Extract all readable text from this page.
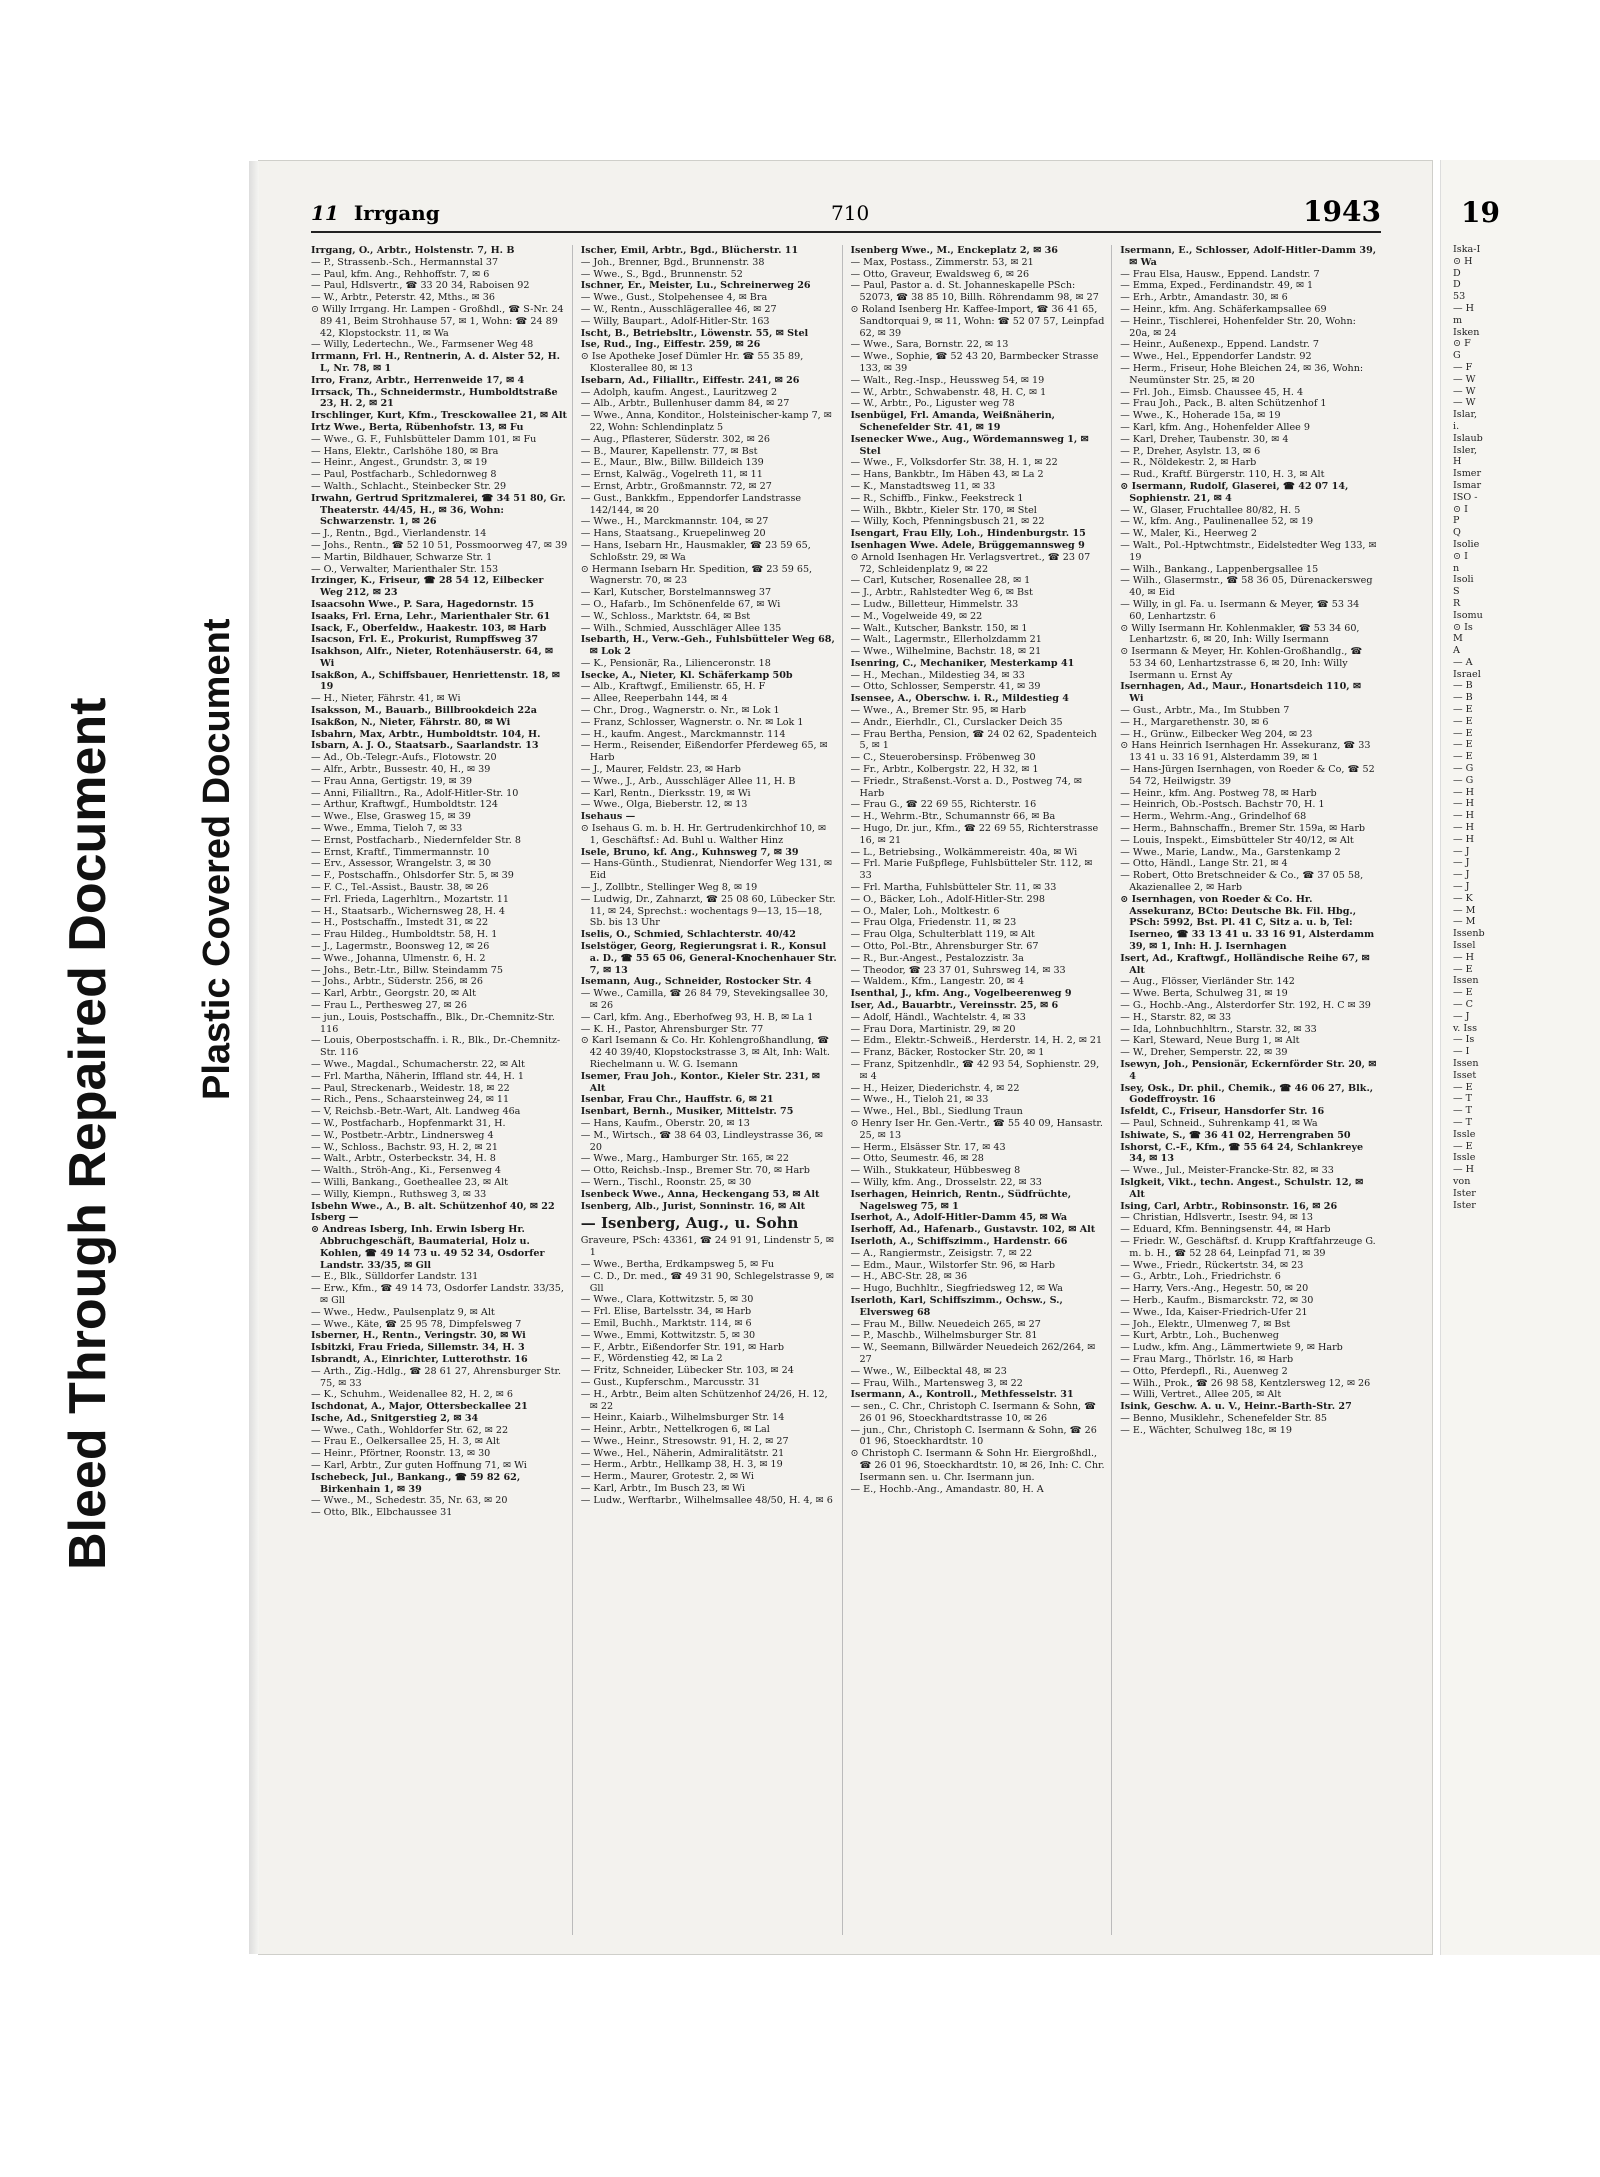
Bleed Through Repaired Document Plastic Covered Document
11 Irrgang	710	1943
Irrgang, O., Arbtr., Holstenstr. 7, H. B
— P., Strassenb.-Sch., Hermannstal 37
— Paul, kfm. Ang., Rehhoffstr. 7, ✉ 6
— Paul, Hdlsvertr., ☎ 33 20 34, Raboisen 92
— W., Arbtr., Peterstr. 42, Mths., ✉ 36
⊙ Willy Irrgang. Hr. Lampen - Großhdl., ☎ S-Nr. 24 89 41, Beim Strohhause 57, ✉ 1, Wohn: ☎ 24 89 42, Klopstockstr. 11, ✉ Wa
— Willy, Ledertechn., We., Farmsener Weg 48
Irrmann, Frl. H., Rentnerin, A. d. Alster 52, H. L, Nr. 78, ✉ 1
Irro, Franz, Arbtr., Herrenweide 17, ✉ 4
Irrsack, Th., Schneidermstr., Humboldtstraße 23, H. 2, ✉ 21
Irschlinger, Kurt, Kfm., Tresckowallee 21, ✉ Alt
Irtz Wwe., Berta, Rübenhofstr. 13, ✉ Fu
— Wwe., G. F., Fuhlsbütteler Damm 101, ✉ Fu
— Hans, Elektr., Carlshöhe 180, ✉ Bra
— Heinr., Angest., Grundstr. 3, ✉ 19
— Paul, Postfacharb., Schledornweg 8
— Walth., Schlacht., Steinbecker Str. 29
Irwahn, Gertrud Spritzmalerei, ☎ 34 51 80, Gr. Theaterstr. 44/45, H., ✉ 36, Wohn: Schwarzenstr. 1, ✉ 26
— J., Rentn., Bgd., Vierlandenstr. 14
— Johs., Rentn., ☎ 52 10 51, Possmoorweg 47, ✉ 39
— Martin, Bildhauer, Schwarze Str. 1
— O., Verwalter, Marienthaler Str. 153
Irzinger, K., Friseur, ☎ 28 54 12, Eilbecker Weg 212, ✉ 23
Isaacsohn Wwe., P. Sara, Hagedornstr. 15
Isaaks, Frl. Erna, Lehr., Marienthaler Str. 61
Isack, F., Oberfeldw., Haakestr. 103, ✉ Harb
Isacson, Frl. E., Prokurist, Rumpffsweg 37
Isakhson, Alfr., Nieter, Rotenhäuserstr. 64, ✉ Wi
Isakßon, A., Schiffsbauer, Henriettenstr. 18, ✉ 19
— H., Nieter, Fährstr. 41, ✉ Wi
Isaksson, M., Bauarb., Billbrookdeich 22a
Isakßon, N., Nieter, Fährstr. 80, ✉ Wi
Isbahrn, Max, Arbtr., Humboldtstr. 104, H.
Isbarn, A. J. O., Staatsarb., Saarlandstr. 13
— Ad., Ob.-Telegr.-Aufs., Flotowstr. 20
— Alfr., Arbtr., Bussestr. 40, H., ✉ 39
— Frau Anna, Gertigstr. 19, ✉ 39
— Anni, Filialltrn., Ra., Adolf-Hitler-Str. 10
— Arthur, Kraftwgf., Humboldtstr. 124
— Wwe., Else, Grasweg 15, ✉ 39
— Wwe., Emma, Tieloh 7, ✉ 33
— Ernst, Postfacharb., Niedernfelder Str. 8
— Ernst, Kraftf., Timmermannstr. 10
— Erv., Assessor, Wrangelstr. 3, ✉ 30
— F., Postschaffn., Ohlsdorfer Str. 5, ✉ 39
— F. C., Tel.-Assist., Baustr. 38, ✉ 26
— Frl. Frieda, Lagerhltrn., Mozartstr. 11
— H., Staatsarb., Wichernsweg 28, H. 4
— H., Postschaffn., Imstedt 31, ✉ 22
— Frau Hildeg., Humboldtstr. 58, H. 1
— J., Lagermstr., Boonsweg 12, ✉ 26
— Wwe., Johanna, Ulmenstr. 6, H. 2
— Johs., Betr.-Ltr., Billw. Steindamm 75
— Johs., Arbtr., Süderstr. 256, ✉ 26
— Karl, Arbtr., Georgstr. 20, ✉ Alt
— Frau L., Perthesweg 27, ✉ 26
— jun., Louis, Postschaffn., Blk., Dr.-Chemnitz-Str. 116
— Louis, Oberpostschaffn. i. R., Blk., Dr.-Chemnitz-Str. 116
— Wwe., Magdal., Schumacherstr. 22, ✉ Alt
— Frl. Martha, Näherin, Iffland str. 44, H. 1
— Paul, Streckenarb., Weidestr. 18, ✉ 22
— Rich., Pens., Schaarsteinweg 24, ✉ 11
— V, Reichsb.-Betr.-Wart, Alt. Landweg 46a
— W., Postfacharb., Hopfenmarkt 31, H.
— W., Postbetr.-Arbtr., Lindnersweg 4
— W., Schloss., Bachstr. 93, H. 2, ✉ 21
— Walt., Arbtr., Osterbeckstr. 34, H. 8
— Walth., Ströh-Ang., Ki., Fersenweg 4
— Willi, Bankang., Goetheallee 23, ✉ Alt
— Willy, Kiempn., Ruthsweg 3, ✉ 33
Isbehn Wwe., A., B. alt. Schützenhof 40, ✉ 22
Isberg —
⊙ Andreas Isberg, Inh. Erwin Isberg Hr. Abbruchgeschäft, Baumaterial, Holz u. Kohlen, ☎ 49 14 73 u. 49 52 34, Osdorfer Landstr. 33/35, ✉ Gll
— E., Blk., Sülldorfer Landstr. 131
— Erw., Kfm., ☎ 49 14 73, Osdorfer Landstr. 33/35, ✉ Gll
— Wwe., Hedw., Paulsenplatz 9, ✉ Alt
— Wwe., Käte, ☎ 25 95 78, Dimpfelsweg 7
Isberner, H., Rentn., Veringstr. 30, ✉ Wi
Isbitzki, Frau Frieda, Sillemstr. 34, H. 3
Isbrandt, A., Einrichter, Lutterothstr. 16
— Arth., Zig.-Hdlg., ☎ 28 61 27, Ahrensburger Str. 75, ✉ 33
— K., Schuhm., Weidenallee 82, H. 2, ✉ 6
Ischdonat, A., Major, Ottersbeckallee 21
Ische, Ad., Snitgerstieg 2, ✉ 34
— Wwe., Cath., Wohldorfer Str. 62, ✉ 22
— Frau E., Oelkersallee 25, H. 3, ✉ Alt
— Heinr., Pförtner, Roonstr. 13, ✉ 30
— Karl, Arbtr., Zur guten Hoffnung 71, ✉ Wi
Ischebeck, Jul., Bankang., ☎ 59 82 62, Birkenhain 1, ✉ 39
— Wwe., M., Schedestr. 35, Nr. 63, ✉ 20
— Otto, Blk., Elbchaussee 31
Ischer, Emil, Arbtr., Bgd., Blücherstr. 11
— Joh., Brenner, Bgd., Brunnenstr. 38
— Wwe., S., Bgd., Brunnenstr. 52
Ischner, Er., Meister, Lu., Schreinerweg 26
— Wwe., Gust., Stolpehensee 4, ✉ Bra
— W., Rentn., Ausschlägerallee 46, ✉ 27
— Willy, Baupart., Adolf-Hitler-Str. 163
Ischt, B., Betriebsltr., Löwenstr. 55, ✉ Stel
Ise, Rud., Ing., Eiffestr. 259, ✉ 26
⊙ Ise Apotheke Josef Dümler Hr. ☎ 55 35 89, Klosterallee 80, ✉ 13
Isebarn, Ad., Filialltr., Eiffestr. 241, ✉ 26
— Adolph, kaufm. Angest., Lauritzweg 2
— Alb., Arbtr., Bullenhuser damm 84, ✉ 27
— Wwe., Anna, Konditor., Holsteinischer-kamp 7, ✉ 22, Wohn: Schlendinplatz 5
— Aug., Pflasterer, Süderstr. 302, ✉ 26
— B., Maurer, Kapellenstr. 77, ✉ Bst
— E., Maur., Blw., Billw. Billdeich 139
— Ernst, Kalwäg., Vogelreth 11, ✉ 11
— Ernst, Arbtr., Großmannstr. 72, ✉ 27
— Gust., Bankkfm., Eppendorfer Landstrasse 142/144, ✉ 20
— Wwe., H., Marckmannstr. 104, ✉ 27
— Hans, Staatsang., Kruepelinweg 20
— Hans, Isebarn Hr., Hausmakler, ☎ 23 59 65, Schloßstr. 29, ✉ Wa
⊙ Hermann Isebarn Hr. Spedition, ☎ 23 59 65, Wagnerstr. 70, ✉ 23
— Karl, Kutscher, Borstelmannsweg 37
— O., Hafarb., Im Schönenfelde 67, ✉ Wi
— W., Schloss., Marktstr. 64, ✉ Bst
— Wilh., Schmied, Ausschläger Allee 135
Isebarth, H., Verw.-Geh., Fuhlsbütteler Weg 68, ✉ Lok 2
— K., Pensionär, Ra., Lilienceronstr. 18
Isecke, A., Nieter, Kl. Schäferkamp 50b
— Alb., Kraftwgf., Emilienstr. 65, H. F
— Allee, Reeperbahn 144, ✉ 4
— Chr., Drog., Wagnerstr. o. Nr., ✉ Lok 1
— Franz, Schlosser, Wagnerstr. o. Nr. ✉ Lok 1
— H., kaufm. Angest., Marckmannstr. 114
— Herm., Reisender, Eißendorfer Pferdeweg 65, ✉ Harb
— J., Maurer, Feldstr. 23, ✉ Harb
— Wwe., J., Arb., Ausschläger Allee 11, H. B
— Karl, Rentn., Dierksstr. 19, ✉ Wi
— Wwe., Olga, Bieberstr. 12, ✉ 13
Isehaus —
⊙ Isehaus G. m. b. H. Hr. Gertrudenkirchhof 10, ✉ 1, Geschäftsf.: Ad. Buhl u. Walther Hinz
Isele, Bruno, kf. Ang., Kuhnsweg 7, ✉ 39
— Hans-Günth., Studienrat, Niendorfer Weg 131, ✉ Eid
— J., Zollbtr., Stellinger Weg 8, ✉ 19
— Ludwig, Dr., Zahnarzt, ☎ 25 08 60, Lübecker Str. 11, ✉ 24, Sprechst.: wochentags 9—13, 15—18, Sb. bis 13 Uhr
Iselis, O., Schmied, Schlachterstr. 40/42
Iselstöger, Georg, Regierungsrat i. R., Konsul a. D., ☎ 55 65 06, General-Knochenhauer Str. 7, ✉ 13
Isemann, Aug., Schneider, Rostocker Str. 4
— Wwe., Camilla, ☎ 26 84 79, Stevekingsallee 30, ✉ 26
— Carl, kfm. Ang., Eberhofweg 93, H. B, ✉ La 1
— K. H., Pastor, Ahrensburger Str. 77
⊙ Karl Isemann & Co. Hr. Kohlengroßhandlung, ☎ 42 40 39/40, Klopstockstrasse 3, ✉ Alt, Inh: Walt. Riechelmann u. W. G. Isemann
Isemer, Frau Joh., Kontor., Kieler Str. 231, ✉ Alt
Isenbar, Frau Chr., Hauffstr. 6, ✉ 21
Isenbart, Bernh., Musiker, Mittelstr. 75
— Hans, Kaufm., Oberstr. 20, ✉ 13
— M., Wirtsch., ☎ 38 64 03, Lindleystrasse 36, ✉ 20
— Wwe., Marg., Hamburger Str. 165, ✉ 22
— Otto, Reichsb.-Insp., Bremer Str. 70, ✉ Harb
— Wern., Tischl., Roonstr. 25, ✉ 30
Isenbeck Wwe., Anna, Heckengang 53, ✉ Alt
Isenberg, Alb., Jurist, Sonninstr. 16, ✉ Alt
— Isenberg, Aug., u. Sohn
Graveure, PSch: 43361, ☎ 24 91 91, Lindenstr 5, ✉ 1
— Wwe., Bertha, Erdkampsweg 5, ✉ Fu
— C. D., Dr. med., ☎ 49 31 90, Schlegelstrasse 9, ✉ Gll
— Wwe., Clara, Kottwitzstr. 5, ✉ 30
— Frl. Elise, Bartelsstr. 34, ✉ Harb
— Emil, Buchh., Marktstr. 114, ✉ 6
— Wwe., Emmi, Kottwitzstr. 5, ✉ 30
— F., Arbtr., Eißendorfer Str. 191, ✉ Harb
— F., Wördenstieg 42, ✉ La 2
— Fritz, Schneider, Lübecker Str. 103, ✉ 24
— Gust., Kupferschm., Marcusstr. 31
— H., Arbtr., Beim alten Schützenhof 24/26, H. 12, ✉ 22
— Heinr., Kaiarb., Wilhelmsburger Str. 14
— Heinr., Arbtr., Nettelkrogen 6, ✉ Lal
— Wwe., Heinr., Stresowstr. 91, H. 2, ✉ 27
— Wwe., Hel., Näherin, Admiralitätstr. 21
— Herm., Arbtr., Hellkamp 38, H. 3, ✉ 19
— Herm., Maurer, Grotestr. 2, ✉ Wi
— Karl, Arbtr., Im Busch 23, ✉ Wi
— Ludw., Werftarbr., Wilhelmsallee 48/50, H. 4, ✉ 6
Isenberg Wwe., M., Enckeplatz 2, ✉ 36
— Max, Postass., Zimmerstr. 53, ✉ 21
— Otto, Graveur, Ewaldsweg 6, ✉ 26
— Paul, Pastor a. d. St. Johanneskapelle PSch: 52073, ☎ 38 85 10, Billh. Röhrendamm 98, ✉ 27
⊙ Roland Isenberg Hr. Kaffee-Import, ☎ 36 41 65, Sandtorquai 9, ✉ 11, Wohn: ☎ 52 07 57, Leinpfad 62, ✉ 39
— Wwe., Sara, Bornstr. 22, ✉ 13
— Wwe., Sophie, ☎ 52 43 20, Barmbecker Strasse 133, ✉ 39
— Walt., Reg.-Insp., Heussweg 54, ✉ 19
— W., Arbtr., Schwabenstr. 48, H. C, ✉ 1
— W., Arbtr., Po., Liguster weg 78
Isenbügel, Frl. Amanda, Weißnäherin, Schenefelder Str. 41, ✉ 19
Isenecker Wwe., Aug., Wördemannsweg 1, ✉ Stel
— Wwe., F., Volksdorfer Str. 38, H. 1, ✉ 22
— Hans, Bankbtr., Im Häben 43, ✉ La 2
— K., Manstadtsweg 11, ✉ 33
— R., Schiffb., Finkw., Feekstreck 1
— Wilh., Bkbtr., Kieler Str. 170, ✉ Stel
— Willy, Koch, Pfenningsbusch 21, ✉ 22
Isengart, Frau Elly, Loh., Hindenburgstr. 15
Isenhagen Wwe. Adele, Brüggemannsweg 9
⊙ Arnold Isenhagen Hr. Verlagsvertret., ☎ 23 07 72, Schleidenplatz 9, ✉ 22
— Carl, Kutscher, Rosenallee 28, ✉ 1
— J., Arbtr., Rahlstedter Weg 6, ✉ Bst
— Ludw., Billetteur, Himmelstr. 33
— M., Vogelweide 49, ✉ 22
— Walt., Kutscher, Bankstr. 150, ✉ 1
— Walt., Lagermstr., Ellerholzdamm 21
— Wwe., Wilhelmine, Bachstr. 18, ✉ 21
Isenring, C., Mechaniker, Mesterkamp 41
— H., Mechan., Mildestieg 34, ✉ 33
— Otto, Schlosser, Semperstr. 41, ✉ 39
Isensee, A., Oberschw. i. R., Mildestieg 4
— Wwe., A., Bremer Str. 95, ✉ Harb
— Andr., Eierhdlr., Cl., Curslacker Deich 35
— Frau Bertha, Pension, ☎ 24 02 62, Spadenteich 5, ✉ 1
— C., Steuerobersinsp. Fröbenweg 30
— Fr., Arbtr., Kolbergstr. 22, H 32, ✉ 1
— Friedr., Straßenst.-Vorst a. D., Postweg 74, ✉ Harb
— Frau G., ☎ 22 69 55, Richterstr. 16
— H., Wehrm.-Btr., Schumannstr 66, ✉ Ba
— Hugo, Dr. jur., Kfm., ☎ 22 69 55, Richterstrasse 16, ✉ 21
— L., Betriebsing., Wolkämmereistr. 40a, ✉ Wi
— Frl. Marie Fußpflege, Fuhlsbütteler Str. 112, ✉ 33
— Frl. Martha, Fuhlsbütteler Str. 11, ✉ 33
— O., Bäcker, Loh., Adolf-Hitler-Str. 298
— O., Maler, Loh., Moltkestr. 6
— Frau Olga, Friedenstr. 11, ✉ 23
— Frau Olga, Schulterblatt 119, ✉ Alt
— Otto, Pol.-Btr., Ahrensburger Str. 67
— R., Bur.-Angest., Pestalozzistr. 3a
— Theodor, ☎ 23 37 01, Suhrsweg 14, ✉ 33
— Waldem., Kfm., Langestr. 20, ✉ 4
Isenthal, J., kfm. Ang., Vogelbeerenweg 9
Iser, Ad., Bauarbtr., Vereinsstr. 25, ✉ 6
— Adolf, Händl., Wachtelstr. 4, ✉ 33
— Frau Dora, Martinistr. 29, ✉ 20
— Edm., Elektr.-Schweiß., Herderstr. 14, H. 2, ✉ 21
— Franz, Bäcker, Rostocker Str. 20, ✉ 1
— Franz, Spitzenhdlr., ☎ 42 93 54, Sophienstr. 29, ✉ 4
— H., Heizer, Diederichstr. 4, ✉ 22
— Wwe., H., Tieloh 21, ✉ 33
— Wwe., Hel., Bbl., Siedlung Traun
⊙ Henry Iser Hr. Gen.-Vertr., ☎ 55 40 09, Hansastr. 25, ✉ 13
— Herm., Elsässer Str. 17, ✉ 43
— Otto, Seumestr. 46, ✉ 28
— Wilh., Stukkateur, Hübbesweg 8
— Willy, kfm. Ang., Drosselstr. 22, ✉ 33
Iserhagen, Heinrich, Rentn., Südfrüchte, Nagelsweg 75, ✉ 1
Iserhot, A., Adolf-Hitler-Damm 45, ✉ Wa
Iserhoff, Ad., Hafenarb., Gustavstr. 102, ✉ Alt
Iserloth, A., Schiffszimm., Hardenstr. 66
— A., Rangiermstr., Zeisigstr. 7, ✉ 22
— Edm., Maur., Wilstorfer Str. 96, ✉ Harb
— H., ABC-Str. 28, ✉ 36
— Hugo, Buchhltr., Siegfriedsweg 12, ✉ Wa
Iserloth, Karl, Schiffszimm., Ochsw., S., Elversweg 68
— Frau M., Billw. Neuedeich 265, ✉ 27
— P., Maschb., Wilhelmsburger Str. 81
— W., Seemann, Billwärder Neuedeich 262/264, ✉ 27
— Wwe., W., Eilbecktal 48, ✉ 23
— Frau, Wilh., Martensweg 3, ✉ 22
Isermann, A., Kontroll., Methfesselstr. 31
— sen., C. Chr., Christoph C. Isermann & Sohn, ☎ 26 01 96, Stoeckhardtstrasse 10, ✉ 26
— jun., Chr., Christoph C. Isermann & Sohn, ☎ 26 01 96, Stoeckhardtstr. 10
⊙ Christoph C. Isermann & Sohn Hr. Eiergroßhdl., ☎ 26 01 96, Stoeckhardtstr. 10, ✉ 26, Inh: C. Chr. Isermann sen. u. Chr. Isermann jun.
— E., Hochb.-Ang., Amandastr. 80, H. A
Isermann, E., Schlosser, Adolf-Hitler-Damm 39, ✉ Wa
— Frau Elsa, Hausw., Eppend. Landstr. 7
— Emma, Exped., Ferdinandstr. 49, ✉ 1
— Erh., Arbtr., Amandastr. 30, ✉ 6
— Heinr., kfm. Ang. Schäferkampsallee 69
— Heinr., Tischlerei, Hohenfelder Str. 20, Wohn: 20a, ✉ 24
— Heinr., Außenexp., Eppend. Landstr. 7
— Wwe., Hel., Eppendorfer Landstr. 92
— Herm., Friseur, Hohe Bleichen 24, ✉ 36, Wohn: Neumünster Str. 25, ✉ 20
— Frl. Joh., Eimsb. Chaussee 45, H. 4
— Frau Joh., Pack., B. alten Schützenhof 1
— Wwe., K., Hoherade 15a, ✉ 19
— Karl, kfm. Ang., Hohenfelder Allee 9
— Karl, Dreher, Taubenstr. 30, ✉ 4
— P., Dreher, Asylstr. 13, ✉ 6
— R., Nöldekestr. 2, ✉ Harb
— Rud., Kraftf. Bürgerstr. 110, H. 3, ✉ Alt
⊙ Isermann, Rudolf, Glaserei, ☎ 42 07 14, Sophienstr. 21, ✉ 4
— W., Glaser, Fruchtallee 80/82, H. 5
— W., kfm. Ang., Paulinenallee 52, ✉ 19
— W., Maler, Ki., Heerweg 2
— Walt., Pol.-Hptwchtmstr., Eidelstedter Weg 133, ✉ 19
— Wilh., Bankang., Lappenbergsallee 15
— Wilh., Glasermstr., ☎ 58 36 05, Dürenackersweg 40, ✉ Eid
— Willy, in gl. Fa. u. Isermann & Meyer, ☎ 53 34 60, Lenhartzstr. 6
⊙ Willy Isermann Hr. Kohlenmakler, ☎ 53 34 60, Lenhartzstr. 6, ✉ 20, Inh: Willy Isermann
⊙ Isermann & Meyer, Hr. Kohlen-Großhandlg., ☎ 53 34 60, Lenhartzstrasse 6, ✉ 20, Inh: Willy Isermann u. Ernst Ay
Isernhagen, Ad., Maur., Honartsdeich 110, ✉ Wi
— Gust., Arbtr., Ma., Im Stubben 7
— H., Margarethenstr. 30, ✉ 6
— H., Grünw., Eilbecker Weg 204, ✉ 23
⊙ Hans Heinrich Isernhagen Hr. Assekuranz, ☎ 33 13 41 u. 33 16 91, Alsterdamm 39, ✉ 1
— Hans-Jürgen Isernhagen, von Roeder & Co, ☎ 52 54 72, Heilwigstr. 39
— Heinr., kfm. Ang. Postweg 78, ✉ Harb
— Heinrich, Ob.-Postsch. Bachstr 70, H. 1
— Herm., Wehrm.-Ang., Grindelhof 68
— Herm., Bahnschaffn., Bremer Str. 159a, ✉ Harb
— Louis, Inspekt., Eimsbütteler Str 40/12, ✉ Alt
— Wwe., Marie, Landw., Ma., Garstenkamp 2
— Otto, Händl., Lange Str. 21, ✉ 4
— Robert, Otto Bretschneider & Co., ☎ 37 05 58, Akazienallee 2, ✉ Harb
⊙ Isernhagen, von Roeder & Co. Hr. Assekuranz, BCto: Deutsche Bk. Fil. Hbg., PSch: 5992, Bst. Pl. 41 C, Sitz a. u. b, Tel: Iserneo, ☎ 33 13 41 u. 33 16 91, Alsterdamm 39, ✉ 1, Inh: H. J. Isernhagen
Isert, Ad., Kraftwgf., Holländische Reihe 67, ✉ Alt
— Aug., Flösser, Vierländer Str. 142
— Wwe. Berta, Schulweg 31, ✉ 19
— G., Hochb.-Ang., Alsterdorfer Str. 192, H. C ✉ 39
— H., Starstr. 82, ✉ 33
— Ida, Lohnbuchhltrn., Starstr. 32, ✉ 33
— Karl, Steward, Neue Burg 1, ✉ Alt
— W., Dreher, Semperstr. 22, ✉ 39
Isewyn, Joh., Pensionär, Eckernförder Str. 20, ✉ 4
Isey, Osk., Dr. phil., Chemik., ☎ 46 06 27, Blk., Godeffroystr. 16
Isfeldt, C., Friseur, Hansdorfer Str. 16
— Paul, Schneid., Suhrenkamp 41, ✉ Wa
Ishiwate, S., ☎ 36 41 02, Herrengraben 50
Ishorst, C.-F., Kfm., ☎ 55 64 24, Schlankreye 34, ✉ 13
— Wwe., Jul., Meister-Francke-Str. 82, ✉ 33
Islgkeit, Vikt., techn. Angest., Schulstr. 12, ✉ Alt
Ising, Carl, Arbtr., Robinsonstr. 16, ✉ 26
— Christian, Hdlsvertr., Isestr. 94, ✉ 13
— Eduard, Kfm. Benningsenstr. 44, ✉ Harb
— Friedr. W., Geschäftsf. d. Krupp Kraftfahrzeuge G. m. b. H., ☎ 52 28 64, Leinpfad 71, ✉ 39
— Wwe., Friedr., Rückertstr. 34, ✉ 23
— G., Arbtr., Loh., Friedrichstr. 6
— Harry, Vers.-Ang., Hegestr. 50, ✉ 20
— Herb., Kaufm., Bismarckstr. 72, ✉ 30
— Wwe., Ida, Kaiser-Friedrich-Ufer 21
— Joh., Elektr., Ulmenweg 7, ✉ Bst
— Kurt, Arbtr., Loh., Buchenweg
— Ludw., kfm. Ang., Lämmertwiete 9, ✉ Harb
— Frau Marg., Thörlstr. 16, ✉ Harb
— Otto, Pferdepfl., Ri., Auenweg 2
— Wilh., Prok., ☎ 26 98 58, Kentzlersweg 12, ✉ 26
— Willi, Vertret., Allee 205, ✉ Alt
Isink, Geschw. A. u. V., Heinr.-Barth-Str. 27
— Benno, Musiklehr., Schenefelder Str. 85
— E., Wächter, Schulweg 18c, ✉ 19
19
Iska-I
⊙ H
D
D
53
— H
m
Isken
⊙ F
G
— F
— W
— W
— W
Islar,
i.
Islaub
Isler,
H
Ismer
Ismar
ISO -
⊙ I
P
Q
Isolie
⊙ I
n
Isoli
S
R
Isomu
⊙ Is
M
A
— A
Israel
— B
— B
— E
— E
— E
— E
— E
— G
— G
— H
— H
— H
— H
— H
— J
— J
— J
— J
— K
— M
— M
Issenb
Issel
— H
— E
Issen
— E
— C
— J
v. Iss
— Is
— I
Issen
Isset
— E
— T
— T
— T
Issle
— E
Issle
— H
von
Ister
Ister
